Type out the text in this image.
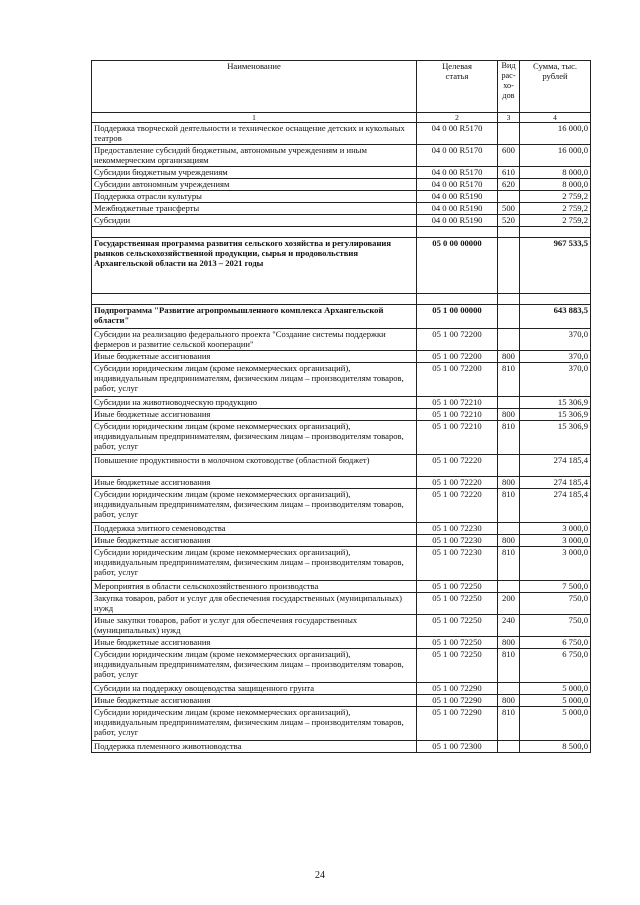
Наименование	Целевая статья	Вид рас-хо-дов	Сумма, тыс. рублей
1	2	3	4
Поддержка творческой деятельности и техническое оснащение детских и кукольных театров	04 0 00 R5170		16 000,0
Предоставление субсидий бюджетным, автономным учреждениям и иным некоммерческим организациям	04 0 00 R5170	600	16 000,0
Субсидии бюджетным учреждениям	04 0 00 R5170	610	8 000,0
Субсидии автономным учреждениям	04 0 00 R5170	620	8 000,0
Поддержка отрасли культуры	04 0 00 R5190		2 759,2
Межбюджетные трансферты	04 0 00 R5190	500	2 759,2
Субсидии	04 0 00 R5190	520	2 759,2

Государственная программа развития сельского хозяйства и регулирования рынков сельскохозяйственной продукции, сырья и продовольствия Архангельской области на 2013 – 2021 годы	05 0 00 00000		967 533,5

Подпрограмма "Развитие агропромышленного комплекса Архангельской области"	05 1 00 00000		643 883,5
Субсидии на реализацию федерального проекта "Создание системы поддержки фермеров и развитие сельской кооперации"	05 1 00 72200		370,0
Иные бюджетные ассигнования	05 1 00 72200	800	370,0
Субсидии юридическим лицам (кроме некоммерческих организаций), индивидуальным предпринимателям, физическим лицам – производителям товаров, работ, услуг	05 1 00 72200	810	370,0
Субсидии на животноводческую продукцию	05 1 00 72210		15 306,9
Иные бюджетные ассигнования	05 1 00 72210	800	15 306,9
Субсидии юридическим лицам (кроме некоммерческих организаций), индивидуальным предпринимателям, физическим лицам – производителям товаров, работ, услуг	05 1 00 72210	810	15 306,9
Повышение продуктивности в молочном скотоводстве (областной бюджет)	05 1 00 72220		274 185,4
Иные бюджетные ассигнования	05 1 00 72220	800	274 185,4
Субсидии юридическим лицам (кроме некоммерческих организаций), индивидуальным предпринимателям, физическим лицам – производителям товаров, работ, услуг	05 1 00 72220	810	274 185,4
Поддержка элитного семеноводства	05 1 00 72230		3 000,0
Иные бюджетные ассигнования	05 1 00 72230	800	3 000,0
Субсидии юридическим лицам (кроме некоммерческих организаций), индивидуальным предпринимателям, физическим лицам – производителям товаров, работ, услуг	05 1 00 72230	810	3 000,0
Мероприятия в области сельскохозяйственного производства	05 1 00 72250		7 500,0
Закупка товаров, работ и услуг для обеспечения государственных (муниципальных) нужд	05 1 00 72250	200	750,0
Иные закупки товаров, работ и услуг для обеспечения государственных (муниципальных) нужд	05 1 00 72250	240	750,0
Иные бюджетные ассигнования	05 1 00 72250	800	6 750,0
Субсидии юридическим лицам (кроме некоммерческих организаций), индивидуальным предпринимателям, физическим лицам – производителям товаров, работ, услуг	05 1 00 72250	810	6 750,0
Субсидии на поддержку овощеводства защищенного грунта	05 1 00 72290		5 000,0
Иные бюджетные ассигнования	05 1 00 72290	800	5 000,0
Субсидии юридическим лицам (кроме некоммерческих организаций), индивидуальным предпринимателям, физическим лицам – производителям товаров, работ, услуг	05 1 00 72290	810	5 000,0
Поддержка племенного животноводства	05 1 00 72300		8 500,0
24
